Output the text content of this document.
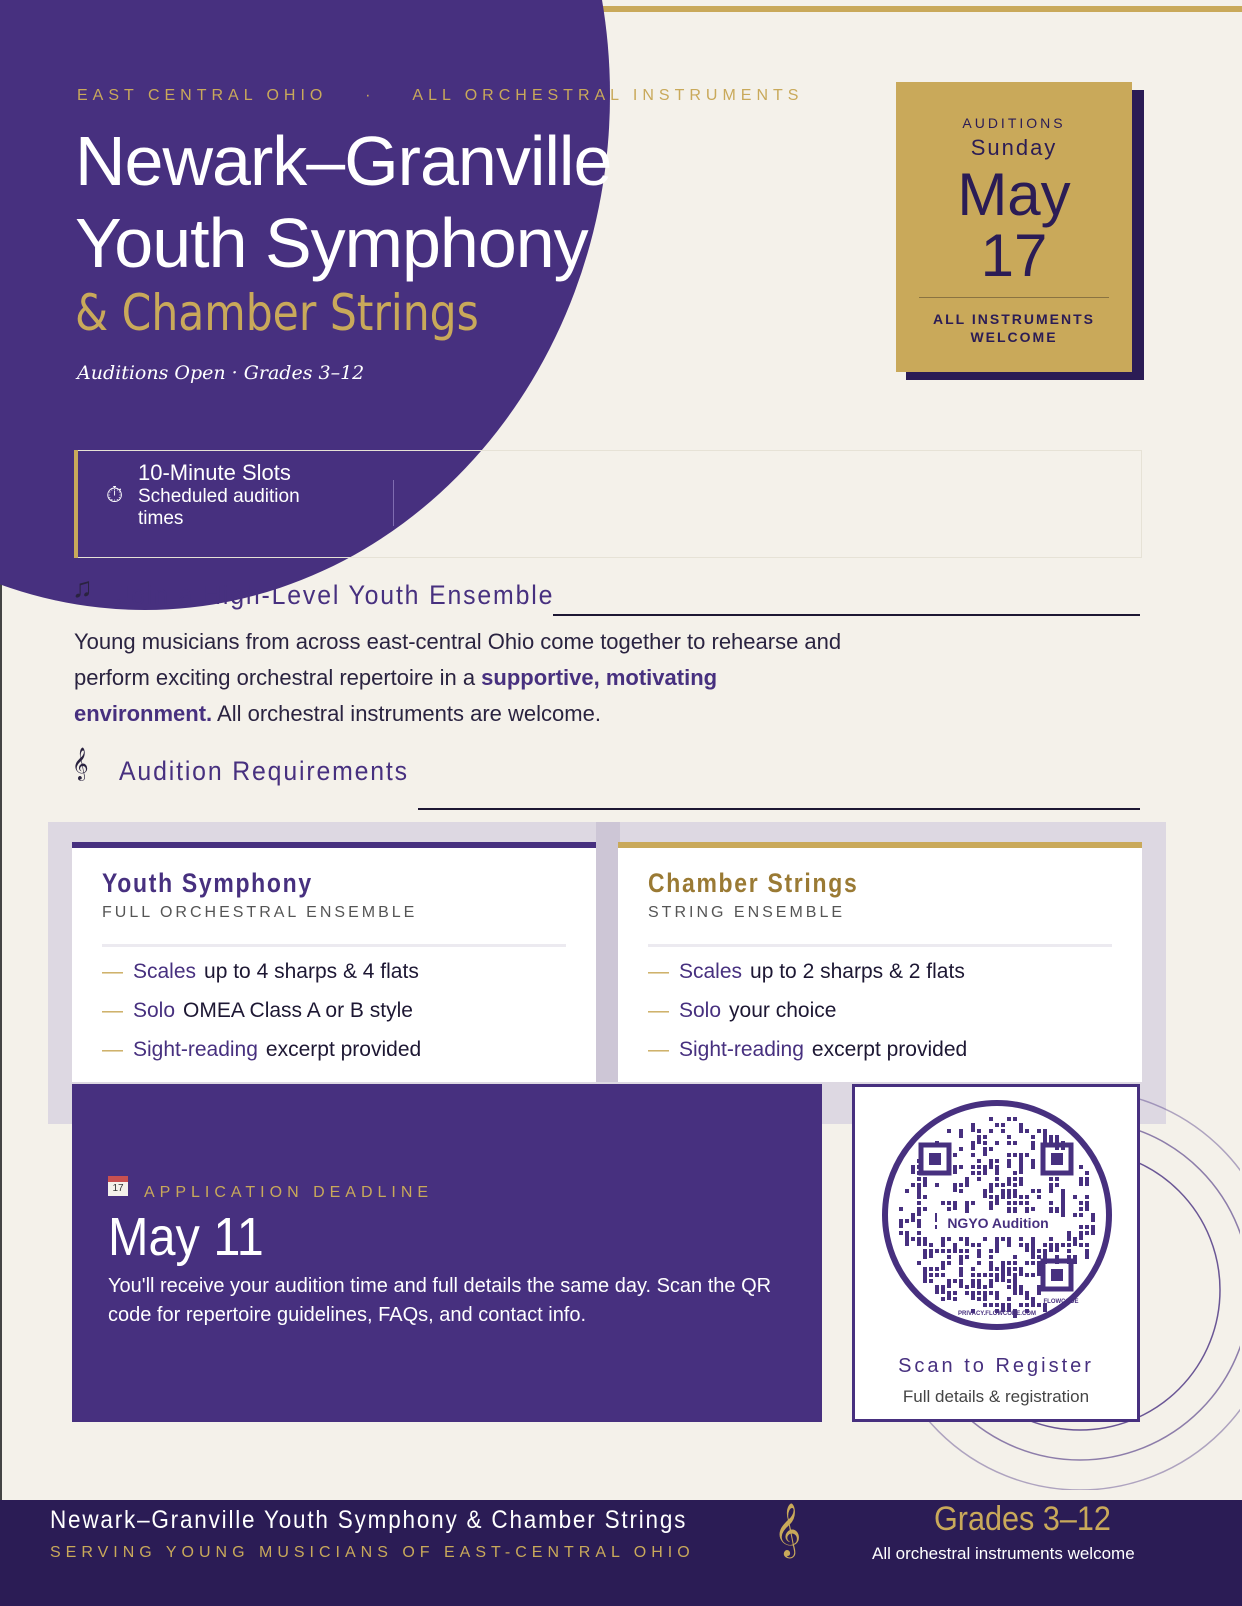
EAST CENTRAL OHIO · ALL ORCHESTRAL INSTRUMENTS
Newark–Granville
Youth Symphony
& Chamber Strings
Auditions Open · Grades 3–12
AUDITIONS
Sunday
May
17
ALL INSTRUMENTS
WELCOME
⏱
10-Minute Slots
Scheduled audition times
♫ Join a High-Level Youth Ensemble
Young musicians from across east-central Ohio come together to rehearse and perform exciting orchestral repertoire in a supportive, motivating environment. All orchestral instruments are welcome.
𝄞 Audition Requirements
Youth Symphony
FULL ORCHESTRAL ENSEMBLE
— Scales up to 4 sharps & 4 flats
— Solo OMEA Class A or B style
— Sight-reading excerpt provided
Chamber Strings
STRING ENSEMBLE
— Scales up to 2 sharps & 2 flats
— Solo your choice
— Sight-reading excerpt provided
17 APPLICATION DEADLINE
May 11
You'll receive your audition time and full details the same day. Scan the QR code for repertoire guidelines, FAQs, and contact info.
NGYO Audition
FLOWCODE
PRIVACY.FLOWCODE.COM
Scan to Register
Full details & registration
Newark–Granville Youth Symphony & Chamber Strings
SERVING YOUNG MUSICIANS OF EAST-CENTRAL OHIO 𝄞	Grades 3–12
All orchestral instruments welcome
